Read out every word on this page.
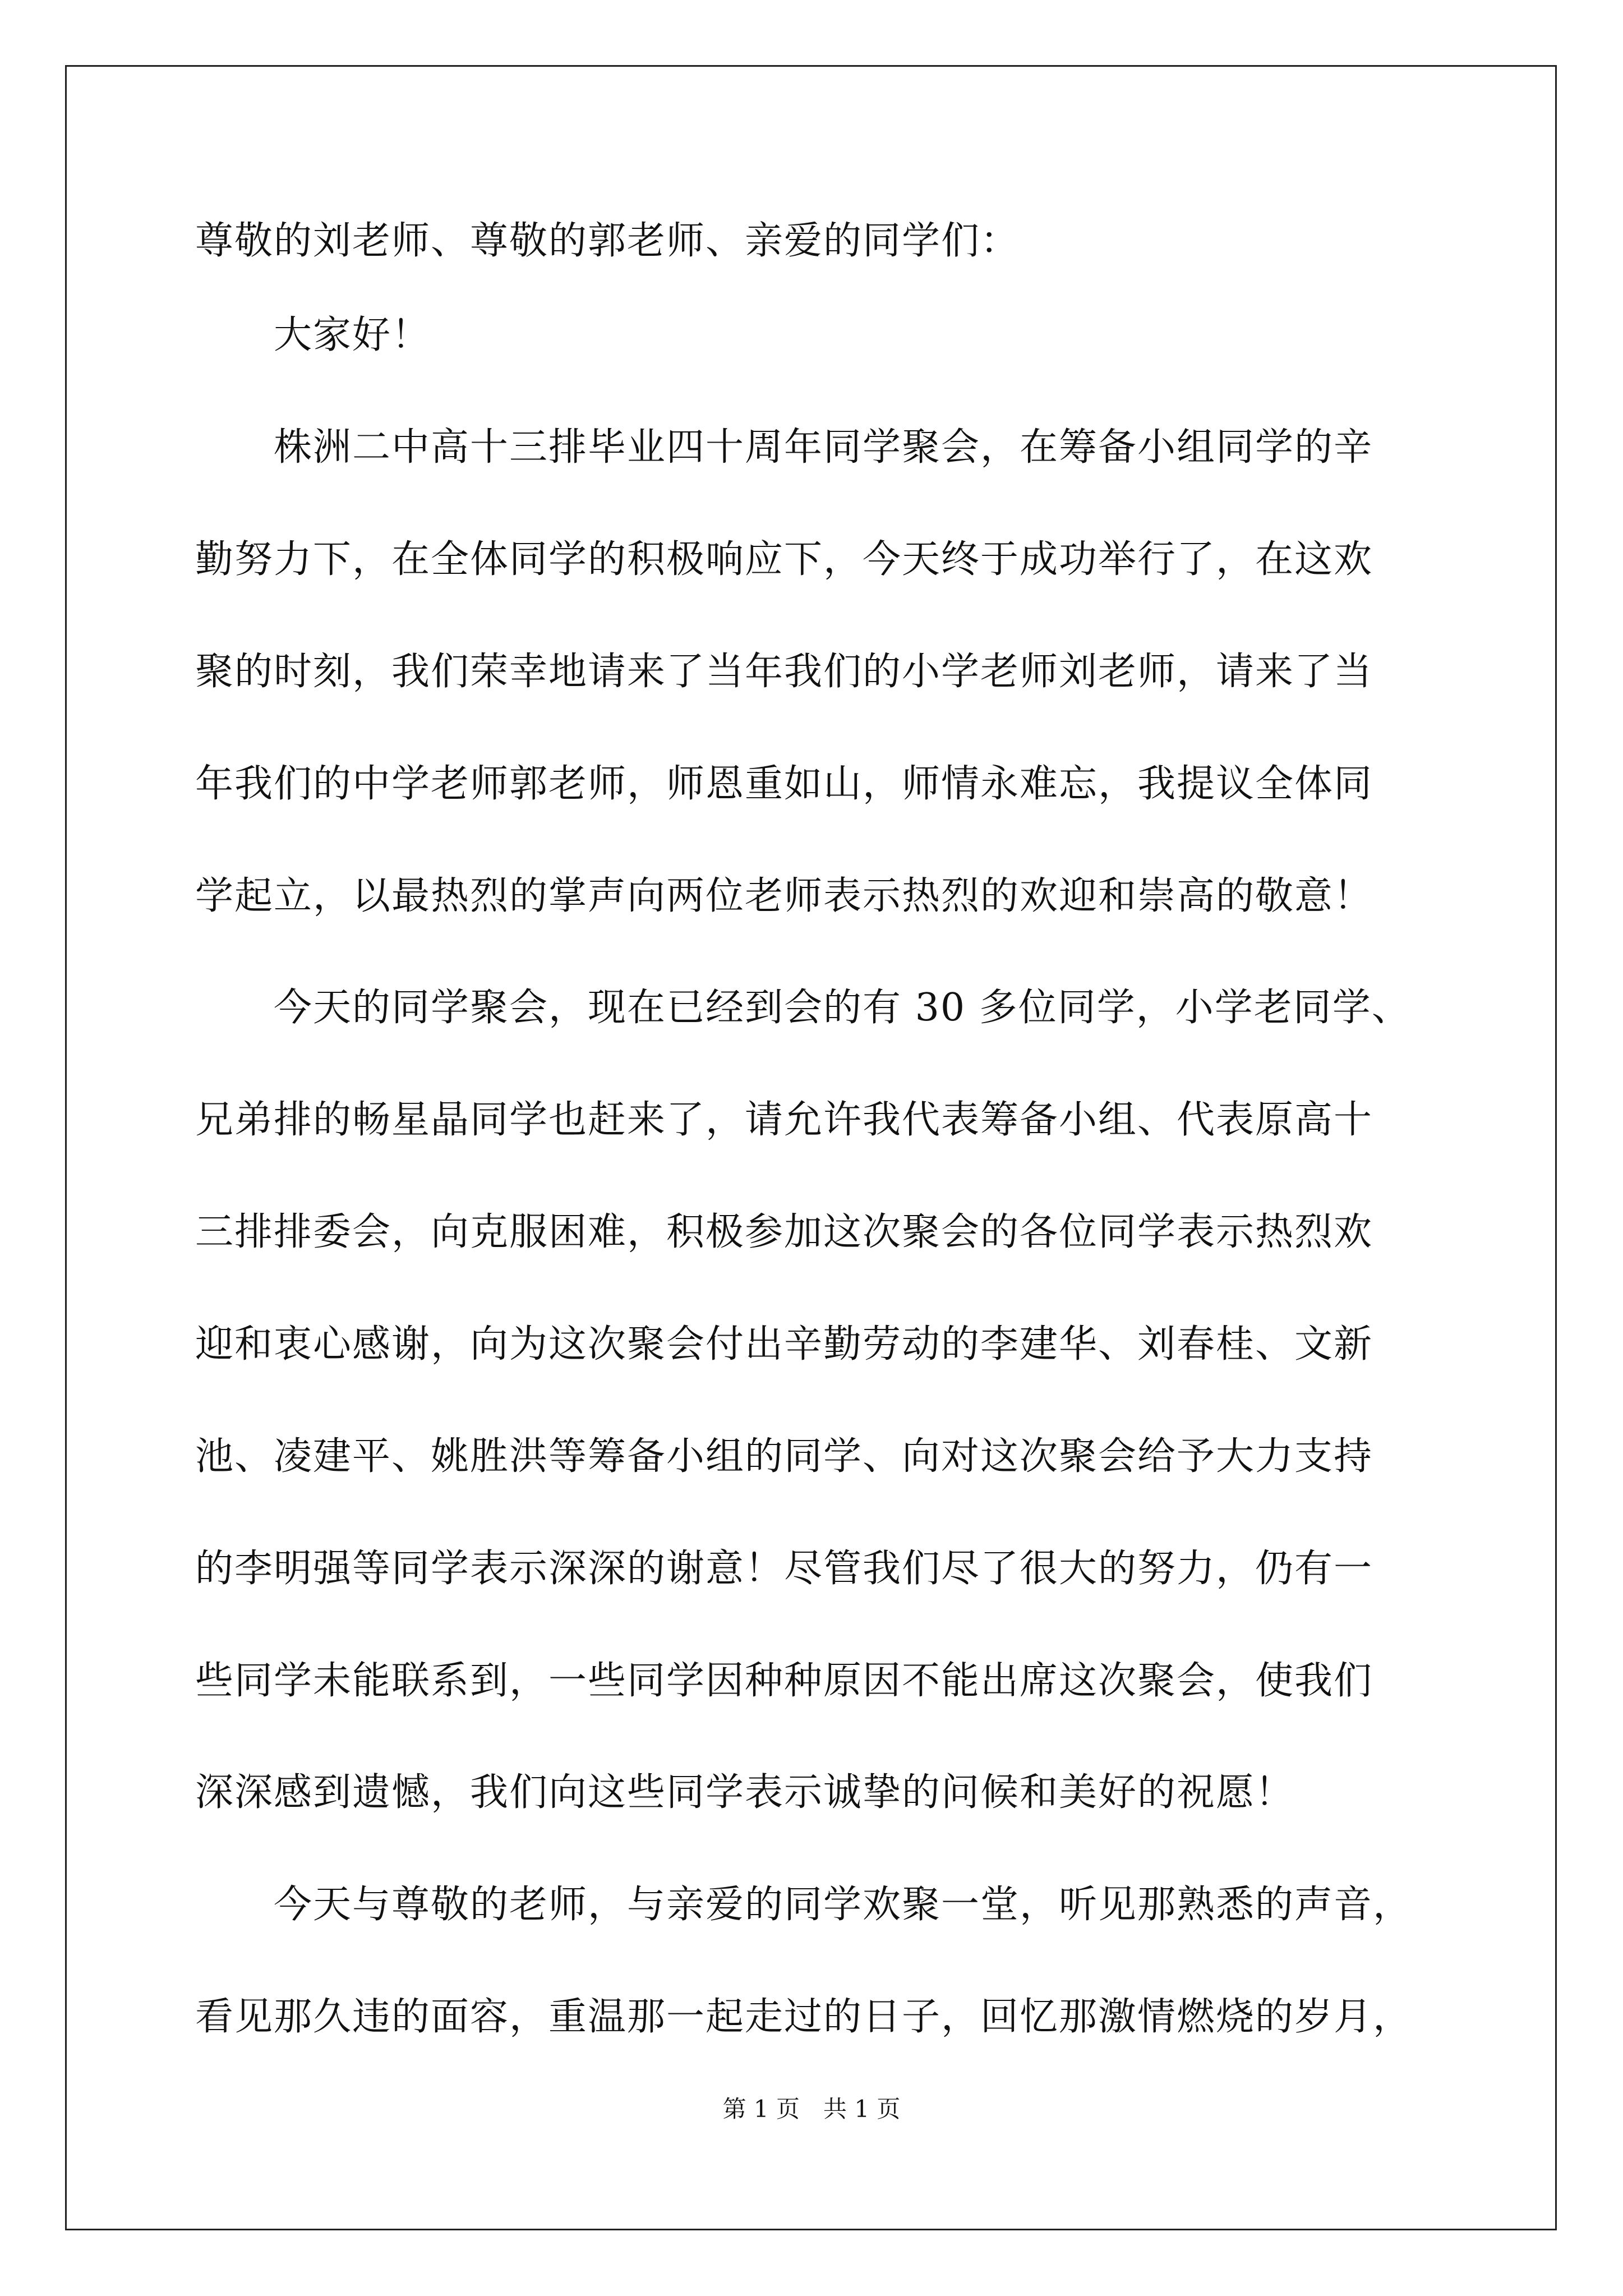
尊敬的刘老师、尊敬的郭老师、亲爱的同学们：
　　大家好！
　　株洲二中高十三排毕业四十周年同学聚会，在筹备小组同学的辛
勤努力下，在全体同学的积极响应下，今天终于成功举行了，在这欢
聚的时刻，我们荣幸地请来了当年我们的小学老师刘老师，请来了当
年我们的中学老师郭老师，师恩重如山，师情永难忘，我提议全体同
学起立，以最热烈的掌声向两位老师表示热烈的欢迎和崇高的敬意！
　　今天的同学聚会，现在已经到会的有 30 多位同学，小学老同学、
兄弟排的畅星晶同学也赶来了，请允许我代表筹备小组、代表原高十
三排排委会，向克服困难，积极参加这次聚会的各位同学表示热烈欢
迎和衷心感谢，向为这次聚会付出辛勤劳动的李建华、刘春桂、文新
池、凌建平、姚胜洪等筹备小组的同学、向对这次聚会给予大力支持
的李明强等同学表示深深的谢意！尽管我们尽了很大的努力，仍有一
些同学未能联系到，一些同学因种种原因不能出席这次聚会，使我们
深深感到遗憾，我们向这些同学表示诚挚的问候和美好的祝愿！
　　今天与尊敬的老师，与亲爱的同学欢聚一堂，听见那熟悉的声音，
看见那久违的面容，重温那一起走过的日子，回忆那激情燃烧的岁月，
第 1 页　共 1 页
